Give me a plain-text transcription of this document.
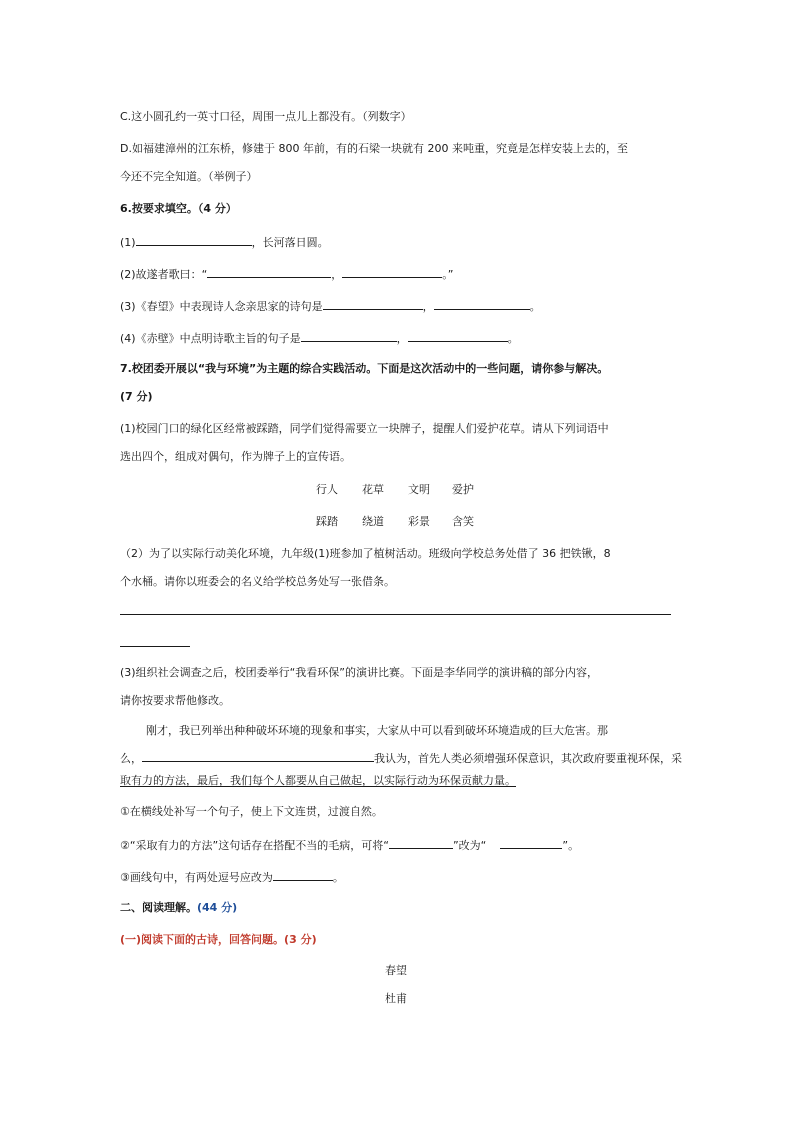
C.这小圆孔约一英寸口径，周围一点儿上都没有。（列数字）
D.如福建漳州的江东桥，修建于 800 年前，有的石梁一块就有 200 来吨重，究竟是怎样安装上去的，至
今还不完全知道。（举例子）
6.按要求填空。（4 分）
(1)	，长河落日圆。
(2)故遂者歌曰：“	，	。”
(3)《春望》中表现诗人念亲思家的诗句是	，	。
(4)《赤壁》中点明诗歌主旨的句子是	，	。
7.校团委开展以“我与环境”为主题的综合实践活动。下面是这次活动中的一些问题，请你参与解决。
(7 分)
(1)校园门口的绿化区经常被踩踏，同学们觉得需要立一块牌子，提醒人们爱护花草。请从下列词语中
选出四个，组成对偶句，作为牌子上的宣传语。
行人 花草 文明 爱护
踩踏 绕道 彩景 含笑
（2）为了以实际行动美化环境，九年级(1)班参加了植树活动。班级向学校总务处借了 36 把铁锹，8
个水桶。请你以班委会的名义给学校总务处写一张借条。
(3)组织社会调查之后，校团委举行“我看环保”的演讲比赛。下面是李华同学的演讲稿的部分内容，
请你按要求帮他修改。
刚才，我已列举出种种破坏环境的现象和事实，大家从中可以看到破坏环境造成的巨大危害。那
么，	我认为，首先人类必须增强环保意识，其次政府要重视环保，采
取有力的方法，最后，我们每个人都要从自己做起，以实际行动为环保贡献力量。
①在横线处补写一个句子，使上下文连贯，过渡自然。
②“采取有力的方法”这句话存在搭配不当的毛病，可将“	”改为“	”。
③画线句中，有两处逗号应改为	。
二、阅读理解。(44 分)
(一)阅读下面的古诗，回答问题。(3 分)
春望
杜甫
